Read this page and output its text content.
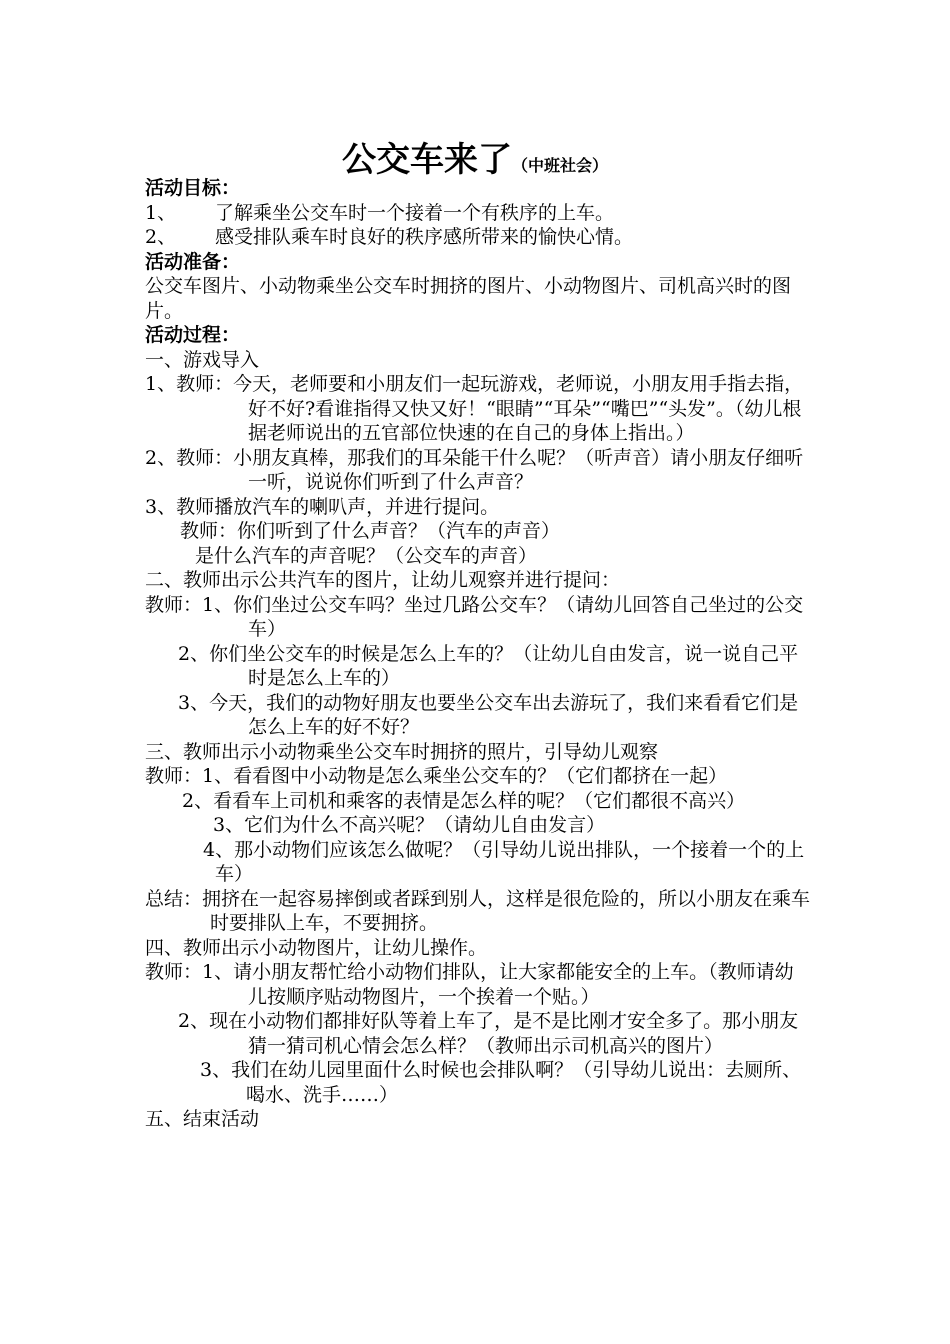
公交车来了（中班社会）
活动目标：
1、 了解乘坐公交车时一个接着一个有秩序的上车。
2、 感受排队乘车时良好的秩序感所带来的愉快心情。
活动准备：
公交车图片、小动物乘坐公交车时拥挤的图片、小动物图片、司机高兴时的图片。
活动过程：
一、游戏导入
1、教师：今天，老师要和小朋友们一起玩游戏，老师说，小朋友用手指去指，好不好?看谁指得又快又好！“眼睛”“耳朵”“嘴巴”“头发”。（幼儿根据老师说出的五官部位快速的在自己的身体上指出。）
2、教师：小朋友真棒，那我们的耳朵能干什么呢？（听声音）请小朋友仔细听一听，说说你们听到了什么声音？
3、教师播放汽车的喇叭声，并进行提问。
教师：你们听到了什么声音？（汽车的声音）
是什么汽车的声音呢？（公交车的声音）
二、教师出示公共汽车的图片，让幼儿观察并进行提问：
教师：1、你们坐过公交车吗？坐过几路公交车？（请幼儿回答自己坐过的公交车）
2、你们坐公交车的时候是怎么上车的？（让幼儿自由发言，说一说自己平时是怎么上车的）
3、今天，我们的动物好朋友也要坐公交车出去游玩了，我们来看看它们是怎么上车的好不好？
三、教师出示小动物乘坐公交车时拥挤的照片，引导幼儿观察
教师：1、看看图中小动物是怎么乘坐公交车的？（它们都挤在一起）
2、看看车上司机和乘客的表情是怎么样的呢？（它们都很不高兴）
3、它们为什么不高兴呢？（请幼儿自由发言）
4、那小动物们应该怎么做呢？（引导幼儿说出排队，一个接着一个的上车）
总结：拥挤在一起容易摔倒或者踩到别人，这样是很危险的，所以小朋友在乘车时要排队上车，不要拥挤。
四、教师出示小动物图片，让幼儿操作。
教师：1、请小朋友帮忙给小动物们排队，让大家都能安全的上车。（教师请幼儿按顺序贴动物图片，一个挨着一个贴。）
2、现在小动物们都排好队等着上车了，是不是比刚才安全多了。那小朋友猜一猜司机心情会怎么样？（教师出示司机高兴的图片）
3、我们在幼儿园里面什么时候也会排队啊？（引导幼儿说出：去厕所、喝水、洗手……）
五、结束活动
